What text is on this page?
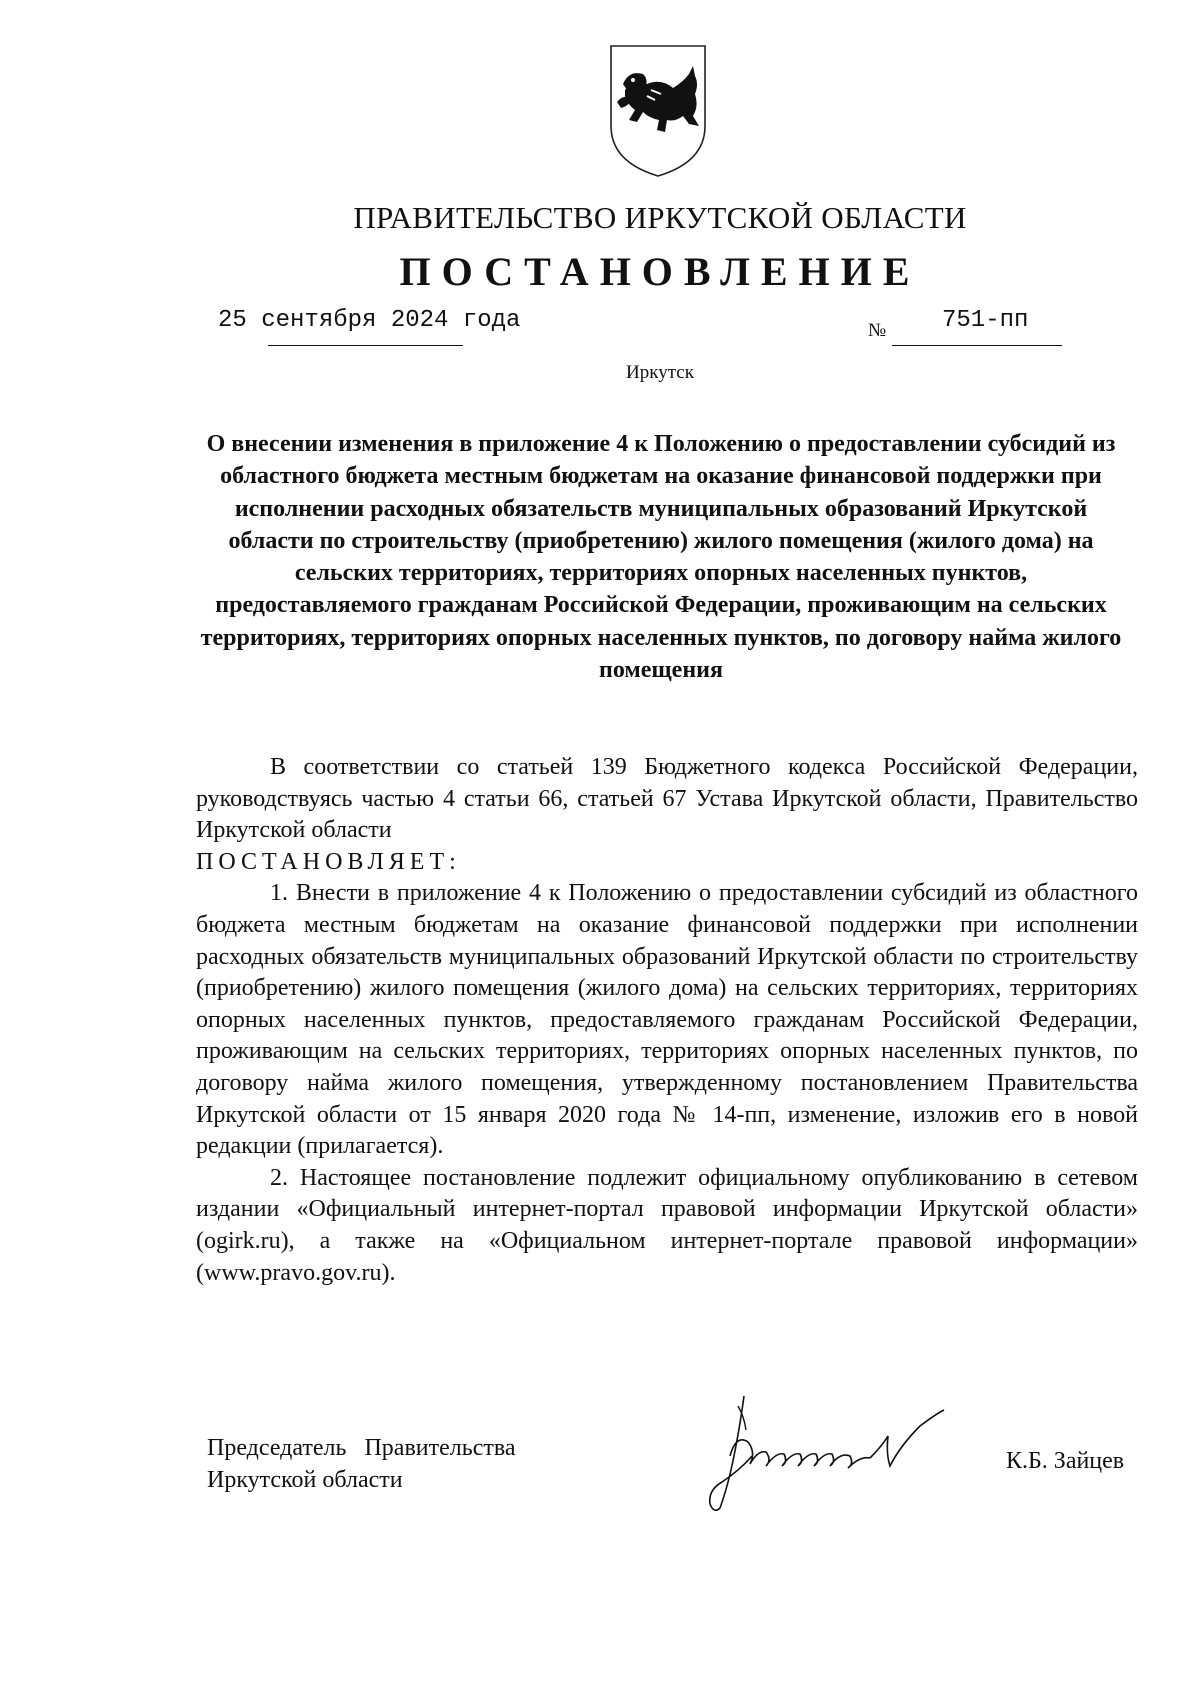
ПРАВИТЕЛЬСТВО ИРКУТСКОЙ ОБЛАСТИ
ПОСТАНОВЛЕНИЕ
25 сентября 2024 года	№ 751-пп
Иркутск
О внесении изменения в приложение 4 к Положению о предоставлении субсидий из областного бюджета местным бюджетам на оказание финансовой поддержки при исполнении расходных обязательств муниципальных образований Иркутской области по строительству (приобретению) жилого помещения (жилого дома) на сельских территориях, территориях опорных населенных пунктов, предоставляемого гражданам Российской Федерации, проживающим на сельских территориях, территориях опорных населенных пунктов, по договору найма жилого помещения

В соответствии со статьей 139 Бюджетного кодекса Российской Федерации, руководствуясь частью 4 статьи 66, статьей 67 Устава Иркутской области, Правительство Иркутской области

ПОСТАНОВЛЯЕТ:

1. Внести в приложение 4 к Положению о предоставлении субсидий из областного бюджета местным бюджетам на оказание финансовой поддержки при исполнении расходных обязательств муниципальных образований Иркутской области по строительству (приобретению) жилого помещения (жилого дома) на сельских территориях, территориях опорных населенных пунктов, предоставляемого гражданам Российской Федерации, проживающим на сельских территориях, территориях опорных населенных пунктов, по договору найма жилого помещения, утвержденному постановлением Правительства Иркутской области от 15 января 2020 года № 14-пп, изменение, изложив его в новой редакции (прилагается).

2. Настоящее постановление подлежит официальному опубликованию в сетевом издании «Официальный интернет-портал правовой информации Иркутской области» (ogirk.ru), а также на «Официальном интернет-портале правовой информации» (www.pravo.gov.ru).

Председатель   Правительства
Иркутской области
К.Б. Зайцев
